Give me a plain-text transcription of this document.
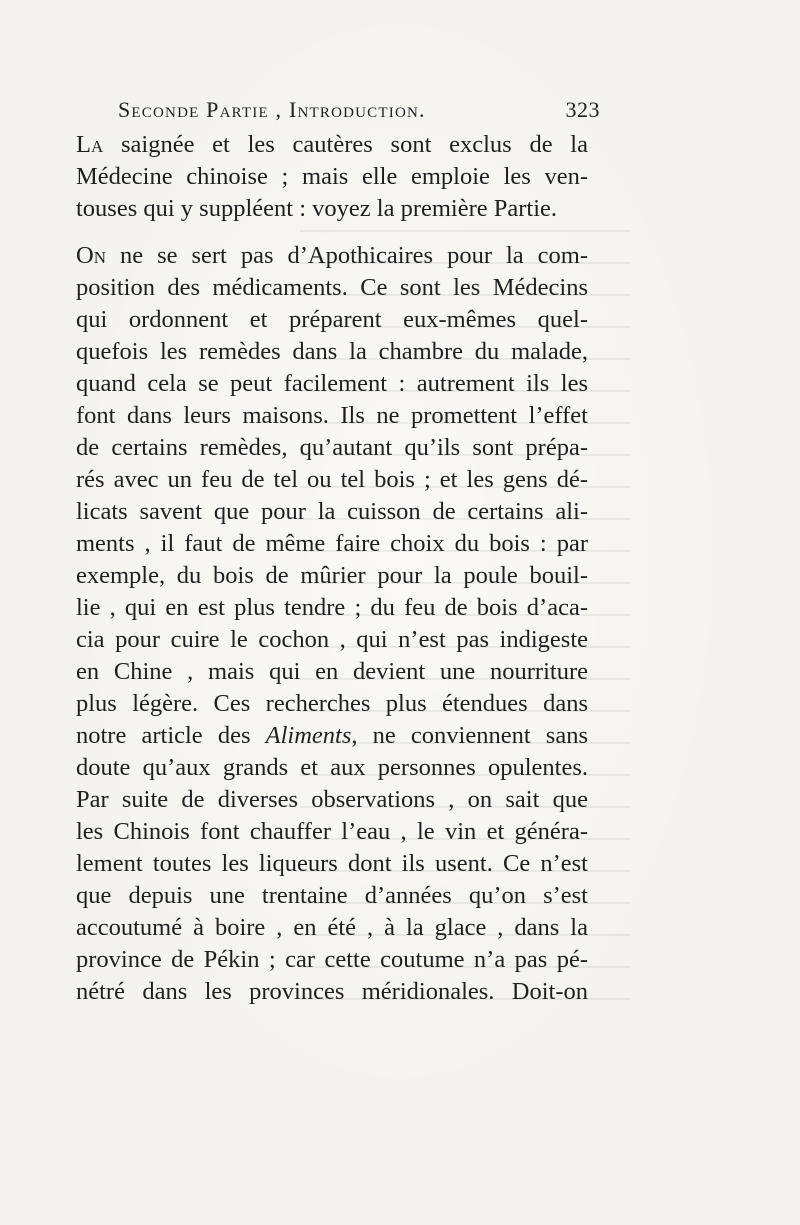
Seconde Partie , Introduction.	323
La saignée et les cautères sont exclus de la
Médecine chinoise ; mais elle emploie les ven-
touses qui y suppléent : voyez la première Partie.
On ne se sert pas d’Apothicaires pour la com-
position des médicaments. Ce sont les Médecins
qui ordonnent et préparent eux-mêmes quel-
quefois les remèdes dans la chambre du malade,
quand cela se peut facilement : autrement ils les
font dans leurs maisons. Ils ne promettent l’effet
de certains remèdes, qu’autant qu’ils sont prépa-
rés avec un feu de tel ou tel bois ; et les gens dé-
licats savent que pour la cuisson de certains ali-
ments , il faut de même faire choix du bois : par
exemple, du bois de mûrier pour la poule bouil-
lie , qui en est plus tendre ; du feu de bois d’aca-
cia pour cuire le cochon , qui n’est pas indigeste
en Chine , mais qui en devient une nourriture
plus légère. Ces recherches plus étendues dans
notre article des Aliments, ne conviennent sans
doute qu’aux grands et aux personnes opulentes.
Par suite de diverses observations , on sait que
les Chinois font chauffer l’eau , le vin et généra-
lement toutes les liqueurs dont ils usent. Ce n’est
que depuis une trentaine d’années qu’on s’est
accoutumé à boire , en été , à la glace , dans la
province de Pékin ; car cette coutume n’a pas pé-
nétré dans les provinces méridionales. Doit-on
